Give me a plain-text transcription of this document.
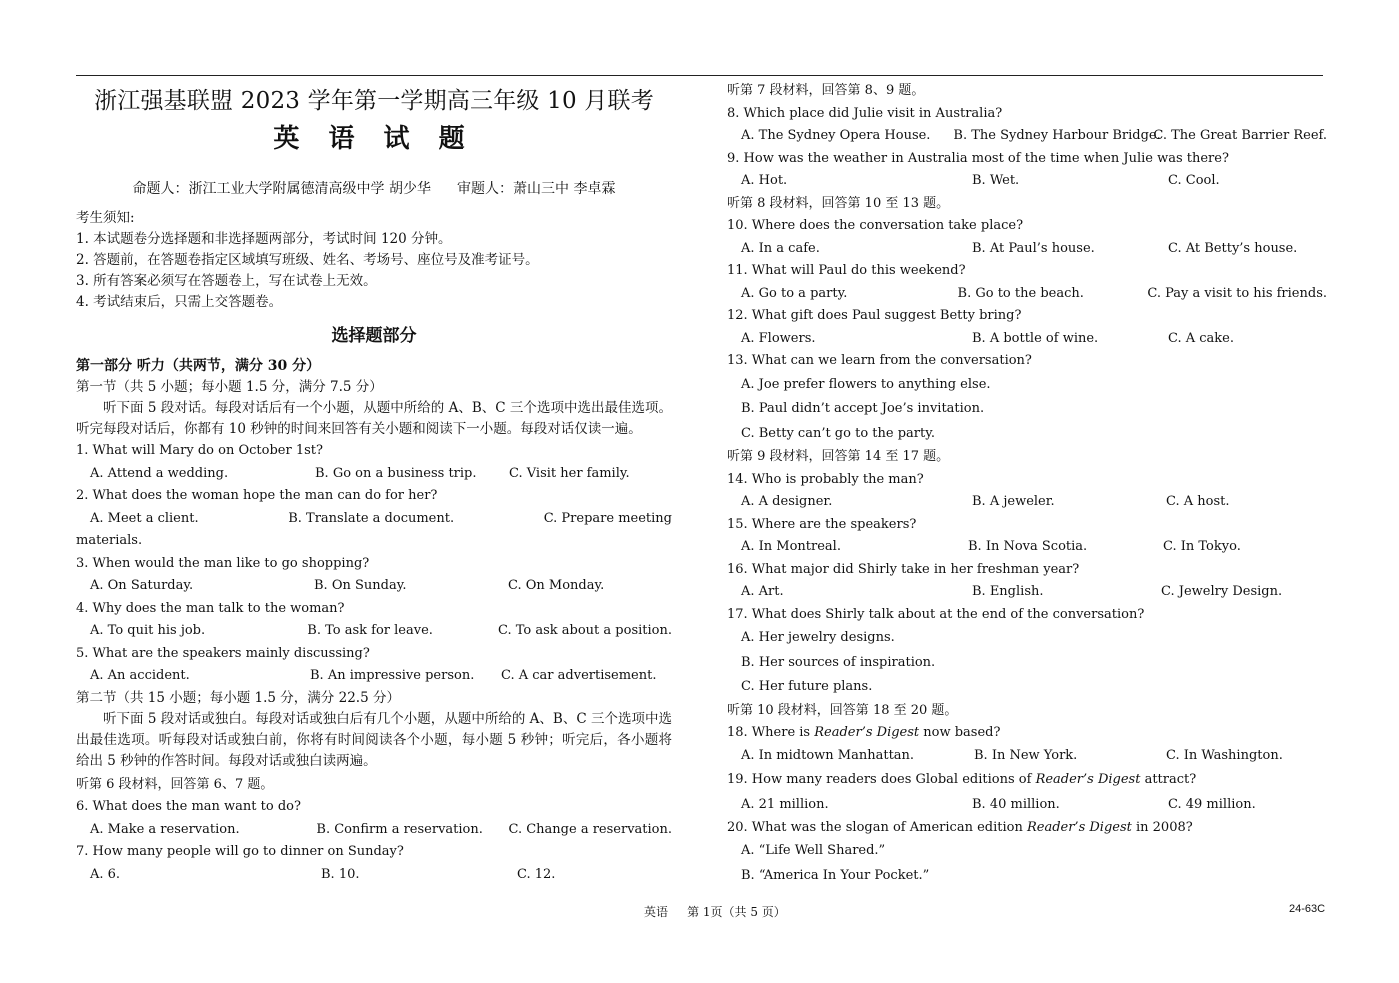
浙江强基联盟 2023 学年第一学期高三年级 10 月联考
英 语 试 题
命题人：浙江工业大学附属德清高级中学 胡少华 审题人：萧山三中 李卓霖
考生须知:
1. 本试题卷分选择题和非选择题两部分，考试时间 120 分钟。
2. 答题前，在答题卷指定区域填写班级、姓名、考场号、座位号及准考证号。
3. 所有答案必须写在答题卷上，写在试卷上无效。
4. 考试结束后，只需上交答题卷。
选择题部分
第一部分 听力（共两节，满分 30 分）
第一节（共 5 小题；每小题 1.5 分，满分 7.5 分）
听下面 5 段对话。每段对话后有一个小题，从题中所给的 A、B、C 三个选项中选出最佳选项。听完每段对话后，你都有 10 秒钟的时间来回答有关小题和阅读下一小题。每段对话仅读一遍。
1. What will Mary do on October 1st?
A. Attend a wedding.	B. Go on a business trip.	C. Visit her family.
2. What does the woman hope the man can do for her?
A. Meet a client.	B. Translate a document.	C. Prepare meeting
materials.
3. When would the man like to go shopping?
A. On Saturday.	B. On Sunday.	C. On Monday.
4. Why does the man talk to the woman?
A. To quit his job.	B. To ask for leave.	C. To ask about a position.
5. What are the speakers mainly discussing?
A. An accident.	B. An impressive person.	C. A car advertisement.
第二节（共 15 小题；每小题 1.5 分，满分 22.5 分）
听下面 5 段对话或独白。每段对话或独白后有几个小题，从题中所给的 A、B、C 三个选项中选出最佳选项。听每段对话或独白前，你将有时间阅读各个小题，每小题 5 秒钟；听完后，各小题将给出 5 秒钟的作答时间。每段对话或独白读两遍。
听第 6 段材料，回答第 6、7 题。
6. What does the man want to do?
A. Make a reservation.	B. Confirm a reservation.	C. Change a reservation.
7. How many people will go to dinner on Sunday?
A. 6.	B. 10.	C. 12.
听第 7 段材料，回答第 8、9 题。
8. Which place did Julie visit in Australia?
A. The Sydney Opera House.	B. The Sydney Harbour Bridge.
C. The Great Barrier Reef.
9. How was the weather in Australia most of the time when Julie was there?
A. Hot.	B. Wet.	C. Cool.
听第 8 段材料，回答第 10 至 13 题。
10. Where does the conversation take place?
A. In a cafe.	B. At Paul’s house.	C. At Betty’s house.
11. What will Paul do this weekend?
A. Go to a party.	B. Go to the beach.	C. Pay a visit to his friends.
12. What gift does Paul suggest Betty bring?
A. Flowers.	B. A bottle of wine.	C. A cake.
13. What can we learn from the conversation?
A. Joe prefer flowers to anything else.
B. Paul didn’t accept Joe’s invitation.
C. Betty can’t go to the party.
听第 9 段材料，回答第 14 至 17 题。
14. Who is probably the man?
A. A designer.	B. A jeweler.	C. A host.
15. Where are the speakers?
A. In Montreal.	B. In Nova Scotia.	C. In Tokyo.
16. What major did Shirly take in her freshman year?
A. Art.	B. English.	C. Jewelry Design.
17. What does Shirly talk about at the end of the conversation?
A. Her jewelry designs.
B. Her sources of inspiration.
C. Her future plans.
听第 10 段材料，回答第 18 至 20 题。
18. Where is Reader’s Digest now based?
A. In midtown Manhattan.	B. In New York.	C. In Washington.
19. How many readers does Global editions of Reader’s Digest attract?
A. 21 million.	B. 40 million.	C. 49 million.
20. What was the slogan of American edition Reader’s Digest in 2008?
A. “Life Well Shared.”
B. “America In Your Pocket.”
英语 第 1页（共 5 页）	24-63C
